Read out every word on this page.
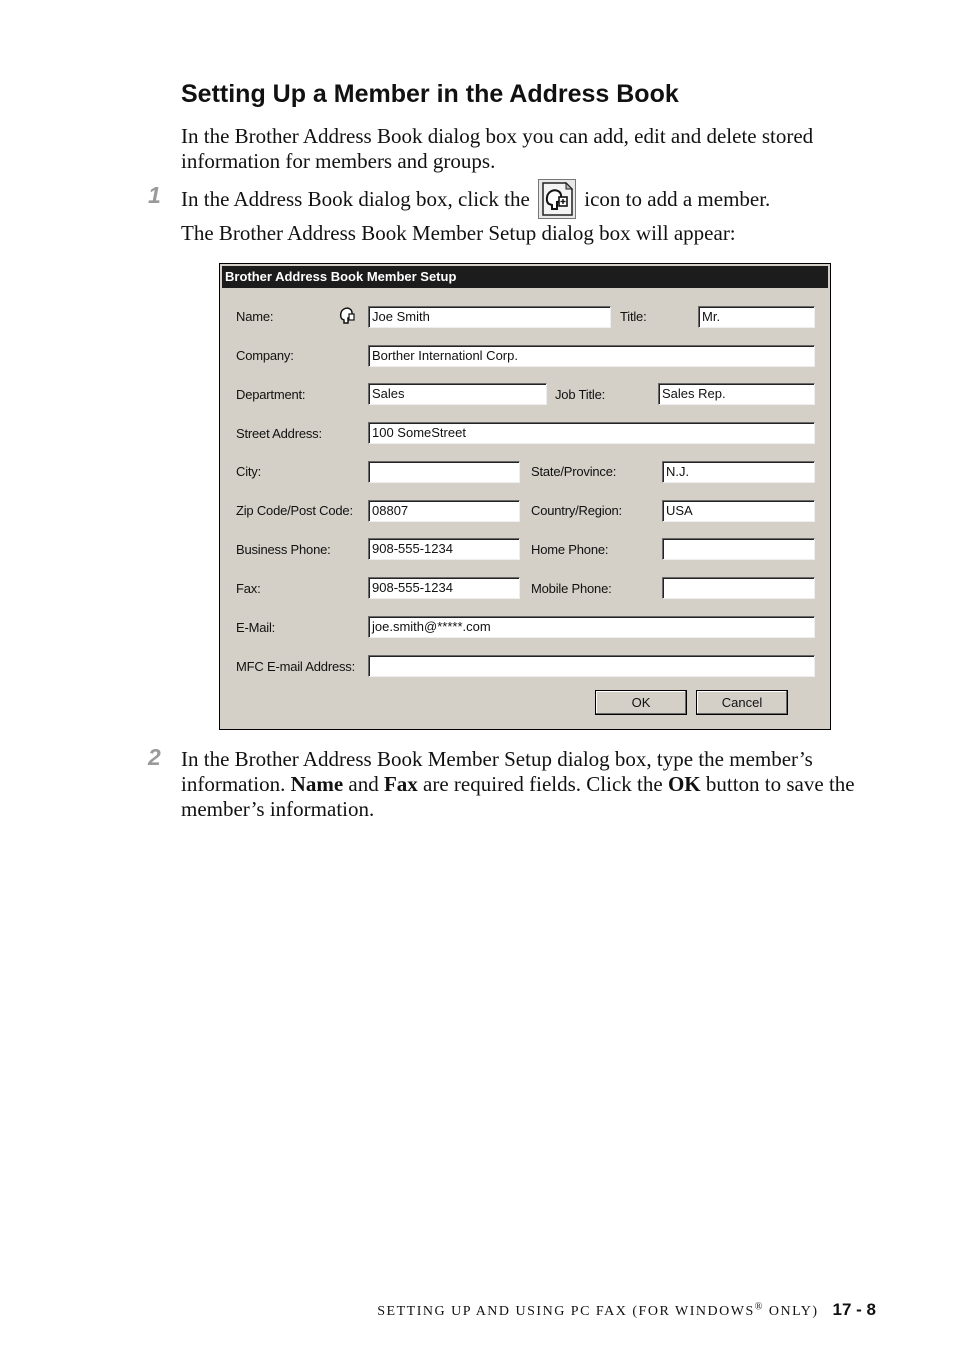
Setting Up a Member in the Address Book

In the Brother Address Book dialog box you can add, edit and delete stored information for members and groups.

1 In the Address Book dialog box, click the	icon to add a member.

The Brother Address Book Member Setup dialog box will appear:

Brother Address Book Member Setup
Name:	Joe Smith	Title:	Mr.
Company:	Borther Internationl Corp.
Department:	Sales	Job Title:	Sales Rep.
Street Address:	100 SomeStreet
City:	State/Province:	N.J.
Zip Code/Post Code:	08807	Country/Region:	USA
Business Phone:	908-555-1234	Home Phone:
Fax:	908-555-1234	Mobile Phone:
E-Mail:	joe.smith@*****.com
MFC E-mail Address:
OK	Cancel
2 In the Brother Address Book Member Setup dialog box, type the member’s information. Name and Fax are required fields. Click the OK button to save the member’s information.

SETTING UP AND USING PC FAX (FOR WINDOWS® ONLY) 17 - 8
